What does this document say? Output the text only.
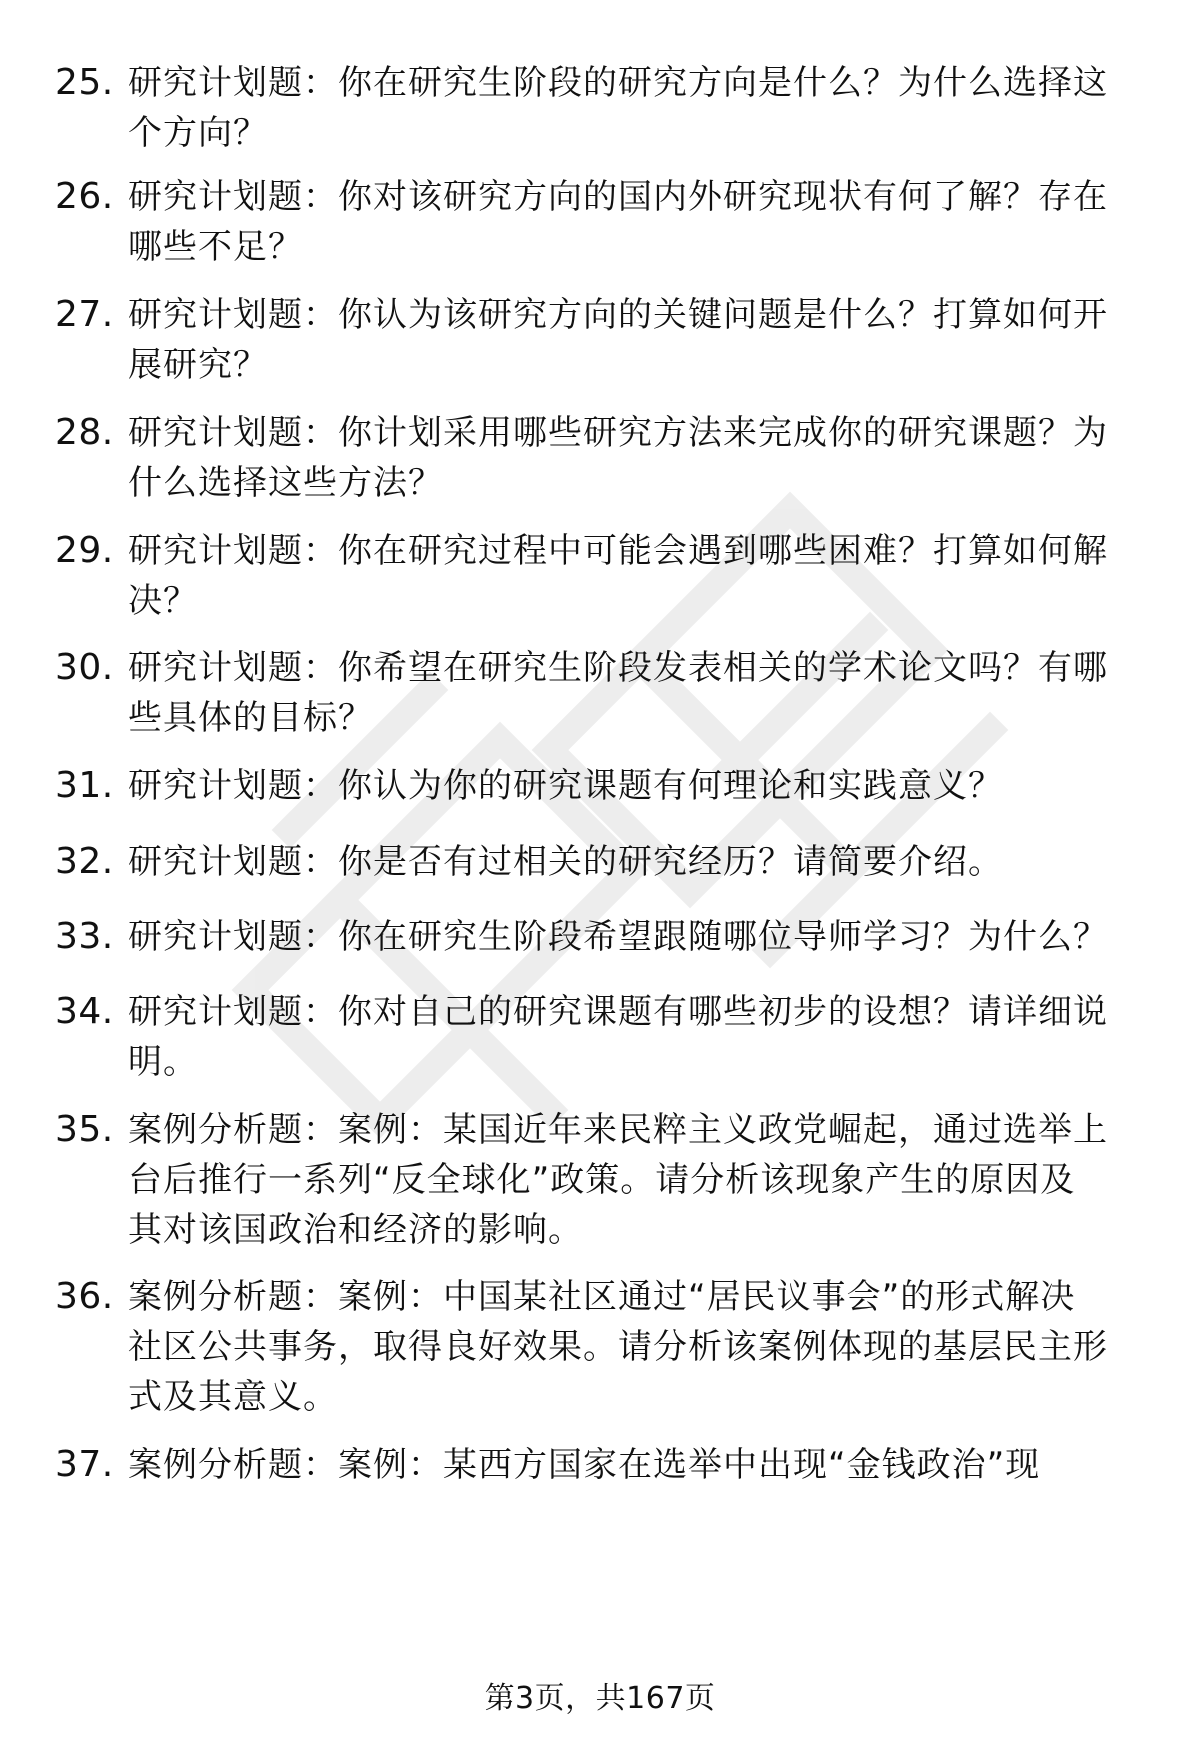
25. 研究计划题：你在研究生阶段的研究方向是什么？为什么选择这
个方向？
26. 研究计划题：你对该研究方向的国内外研究现状有何了解？存在
哪些不足？
27. 研究计划题：你认为该研究方向的关键问题是什么？打算如何开
展研究？
28. 研究计划题：你计划采用哪些研究方法来完成你的研究课题？为
什么选择这些方法？
29. 研究计划题：你在研究过程中可能会遇到哪些困难？打算如何解
决？
30. 研究计划题：你希望在研究生阶段发表相关的学术论文吗？有哪
些具体的目标？
31. 研究计划题：你认为你的研究课题有何理论和实践意义？
32. 研究计划题：你是否有过相关的研究经历？请简要介绍。
33. 研究计划题：你在研究生阶段希望跟随哪位导师学习？为什么？
34. 研究计划题：你对自己的研究课题有哪些初步的设想？请详细说
明。
35. 案例分析题：案例：某国近年来民粹主义政党崛起，通过选举上
台后推行一系列“反全球化”政策。请分析该现象产生的原因及
其对该国政治和经济的影响。
36. 案例分析题：案例：中国某社区通过“居民议事会”的形式解决
社区公共事务，取得良好效果。请分析该案例体现的基层民主形
式及其意义。
37. 案例分析题：案例：某西方国家在选举中出现“金钱政治”现
第3页，共167页
